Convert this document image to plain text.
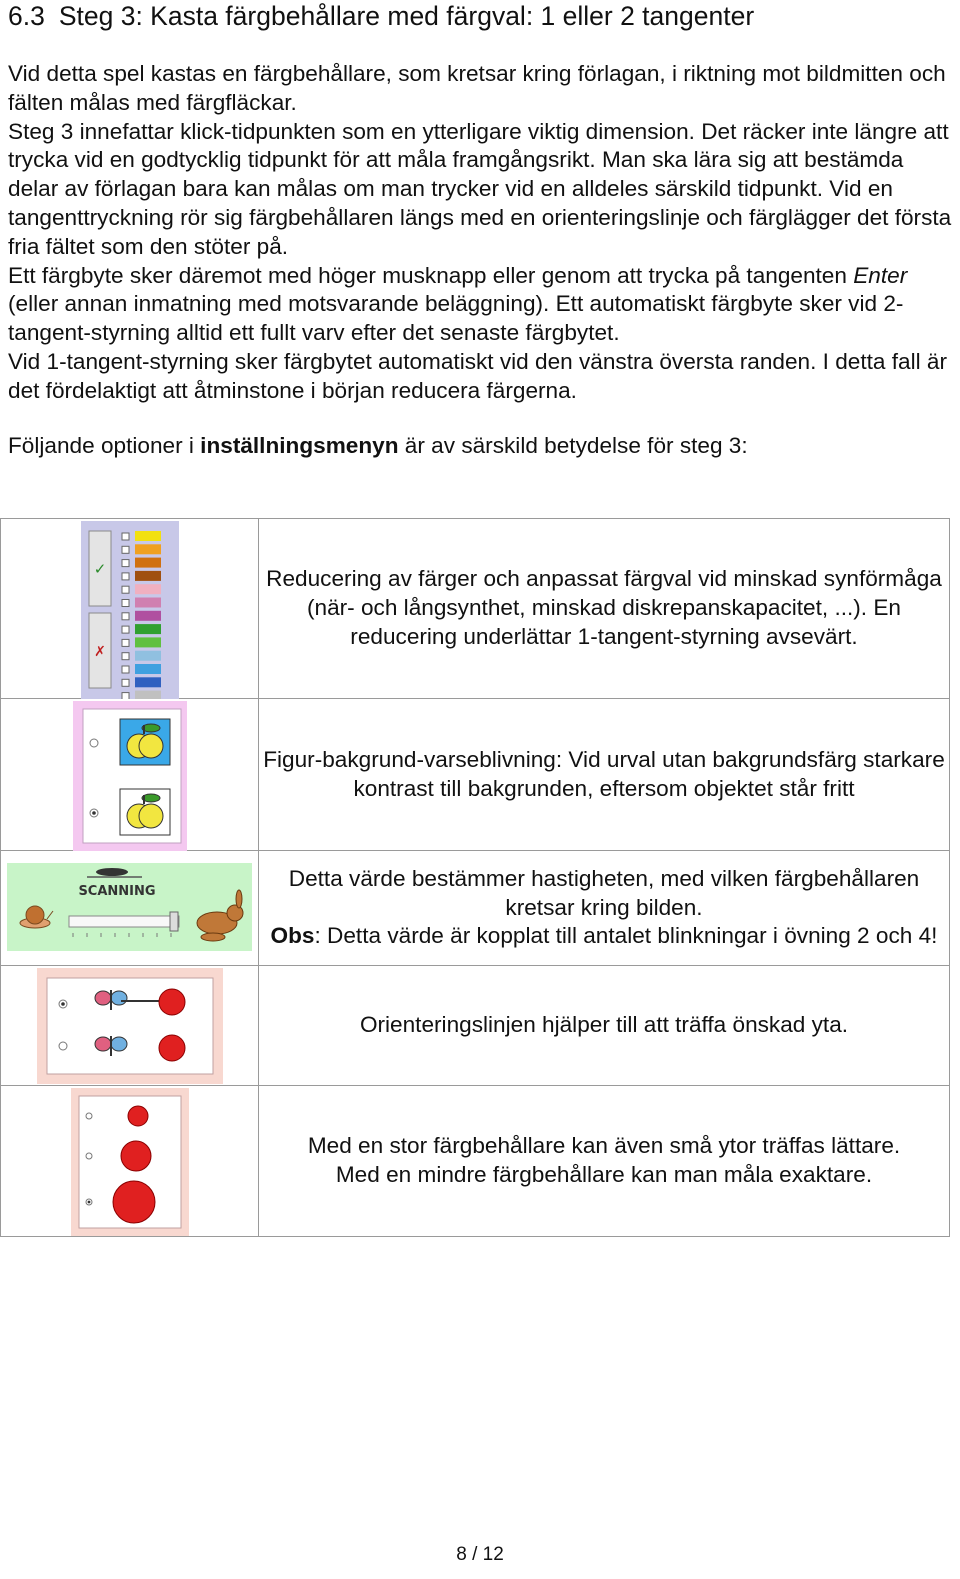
6.3 Steg 3: Kasta färgbehållare med färgval: 1 eller 2 tangenter

Vid detta spel kastas en färgbehållare, som kretsar kring förlagan, i riktning mot bildmitten och fälten målas med färgfläckar.

Steg 3 innefattar klick-tidpunkten som en ytterligare viktig dimension. Det räcker inte längre att trycka vid en godtycklig tidpunkt för att måla framgångsrikt. Man ska lära sig att bestämda delar av förlagan bara kan målas om man trycker vid en alldeles särskild tidpunkt. Vid en tangenttryckning rör sig färgbehållaren längs med en orienteringslinje och färglägger det första fria fältet som den stöter på.

Ett färgbyte sker däremot med höger musknapp eller genom att trycka på tangenten Enter (eller annan inmatning med motsvarande beläggning). Ett automatiskt färgbyte sker vid 2-tangent-styrning alltid ett fullt varv efter det senaste färgbytet.

Vid 1-tangent-styrning sker färgbytet automatiskt vid den vänstra översta randen. I detta fall är det fördelaktigt att åtminstone i början reducera färgerna.

Följande optioner i inställningsmenyn är av särskild betydelse för steg 3:
✓
✗	Reducering av färger och anpassat färgval vid minskad synförmåga (när- och långsynthet, minskad diskrepanskapacitet, ...). En reducering underlättar 1-tangent-styrning avsevärt.

	Figur-bakgrund-varseblivning: Vid urval utan bakgrundsfärg starkare kontrast till bakgrunden, eftersom objektet står fritt

SCANNING	Detta värde bestämmer hastigheten, med vilken färgbehållaren kretsar kring bilden.
Obs: Detta värde är kopplat till antalet blinkningar i övning 2 och 4!

	Orienteringslinjen hjälper till att träffa önskad yta.

	Med en stor färgbehållare kan även små ytor träffas lättare.
Med en mindre färgbehållare kan man måla exaktare.
8 / 12
